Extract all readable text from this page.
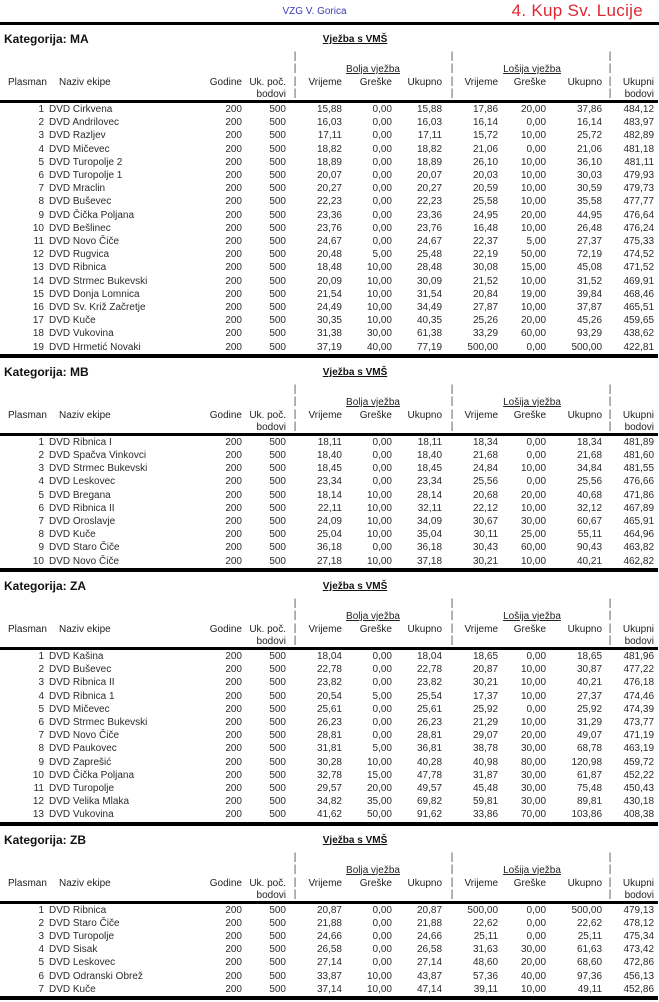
VZG V. Gorica	4. Kup Sv. Lucije
Kategorija: MA	Vježba s VMŠ
				|
|	Bolja vježba			|
|	Lošija vježba			|
|	
Plasman	Naziv ekipe	Godine	Uk. poč.	|	Vrijeme	Greške	Ukupno	|	Vrijeme	Greške	Ukupno	|	Ukupni
			bodovi	|				|				|	bodovi
1	DVD Cirkvena	200	500		15,88	0,00	15,88		17,86	20,00	37,86		484,12
2	DVD Andrilovec	200	500		16,03	0,00	16,03		16,14	0,00	16,14		483,97
3	DVD Razljev	200	500		17,11	0,00	17,11		15,72	10,00	25,72		482,89
4	DVD Mičevec	200	500		18,82	0,00	18,82		21,06	0,00	21,06		481,18
5	DVD Turopolje 2	200	500		18,89	0,00	18,89		26,10	10,00	36,10		481,11
6	DVD Turopolje 1	200	500		20,07	0,00	20,07		20,03	10,00	30,03		479,93
7	DVD Mraclin	200	500		20,27	0,00	20,27		20,59	10,00	30,59		479,73
8	DVD Buševec	200	500		22,23	0,00	22,23		25,58	10,00	35,58		477,77
9	DVD Čička Poljana	200	500		23,36	0,00	23,36		24,95	20,00	44,95		476,64
10	DVD Bešlinec	200	500		23,76	0,00	23,76		16,48	10,00	26,48		476,24
11	DVD Novo Čiče	200	500		24,67	0,00	24,67		22,37	5,00	27,37		475,33
12	DVD Rugvica	200	500		20,48	5,00	25,48		22,19	50,00	72,19		474,52
13	DVD Ribnica	200	500		18,48	10,00	28,48		30,08	15,00	45,08		471,52
14	DVD Strmec Bukevski	200	500		20,09	10,00	30,09		21,52	10,00	31,52		469,91
15	DVD Donja Lomnica	200	500		21,54	10,00	31,54		20,84	19,00	39,84		468,46
16	DVD Sv. Križ Začretje	200	500		24,49	10,00	34,49		27,87	10,00	37,87		465,51
17	DVD Kuče	200	500		30,35	10,00	40,35		25,26	20,00	45,26		459,65
18	DVD Vukovina	200	500		31,38	30,00	61,38		33,29	60,00	93,29		438,62
19	DVD Hrmetić Novaki	200	500		37,19	40,00	77,19		500,00	0,00	500,00		422,81
Kategorija: MB	Vježba s VMŠ
				|
|	Bolja vježba			|
|	Lošija vježba			|
|	
Plasman	Naziv ekipe	Godine	Uk. poč.	|	Vrijeme	Greške	Ukupno	|	Vrijeme	Greške	Ukupno	|	Ukupni
			bodovi	|				|				|	bodovi
1	DVD Ribnica I	200	500		18,11	0,00	18,11		18,34	0,00	18,34		481,89
2	DVD Spačva Vinkovci	200	500		18,40	0,00	18,40		21,68	0,00	21,68		481,60
3	DVD Strmec Bukevski	200	500		18,45	0,00	18,45		24,84	10,00	34,84		481,55
4	DVD Leskovec	200	500		23,34	0,00	23,34		25,56	0,00	25,56		476,66
5	DVD Bregana	200	500		18,14	10,00	28,14		20,68	20,00	40,68		471,86
6	DVD Ribnica II	200	500		22,11	10,00	32,11		22,12	10,00	32,12		467,89
7	DVD Oroslavje	200	500		24,09	10,00	34,09		30,67	30,00	60,67		465,91
8	DVD Kuče	200	500		25,04	10,00	35,04		30,11	25,00	55,11		464,96
9	DVD Staro Čiče	200	500		36,18	0,00	36,18		30,43	60,00	90,43		463,82
10	DVD Novo Čiče	200	500		27,18	10,00	37,18		30,21	10,00	40,21		462,82
Kategorija: ZA	Vježba s VMŠ
				|
|	Bolja vježba			|
|	Lošija vježba			|
|	
Plasman	Naziv ekipe	Godine	Uk. poč.	|	Vrijeme	Greške	Ukupno	|	Vrijeme	Greške	Ukupno	|	Ukupni
			bodovi	|				|				|	bodovi
1	DVD Kašina	200	500		18,04	0,00	18,04		18,65	0,00	18,65		481,96
2	DVD Buševec	200	500		22,78	0,00	22,78		20,87	10,00	30,87		477,22
3	DVD Ribnica II	200	500		23,82	0,00	23,82		30,21	10,00	40,21		476,18
4	DVD Ribnica 1	200	500		20,54	5,00	25,54		17,37	10,00	27,37		474,46
5	DVD Mičevec	200	500		25,61	0,00	25,61		25,92	0,00	25,92		474,39
6	DVD Strmec Bukevski	200	500		26,23	0,00	26,23		21,29	10,00	31,29		473,77
7	DVD Novo Čiče	200	500		28,81	0,00	28,81		29,07	20,00	49,07		471,19
8	DVD Paukovec	200	500		31,81	5,00	36,81		38,78	30,00	68,78		463,19
9	DVD Zaprešić	200	500		30,28	10,00	40,28		40,98	80,00	120,98		459,72
10	DVD Čička Poljana	200	500		32,78	15,00	47,78		31,87	30,00	61,87		452,22
11	DVD Turopolje	200	500		29,57	20,00	49,57		45,48	30,00	75,48		450,43
12	DVD Velika Mlaka	200	500		34,82	35,00	69,82		59,81	30,00	89,81		430,18
13	DVD Vukovina	200	500		41,62	50,00	91,62		33,86	70,00	103,86		408,38
Kategorija: ZB	Vježba s VMŠ
				|
|	Bolja vježba			|
|	Lošija vježba			|
|	
Plasman	Naziv ekipe	Godine	Uk. poč.	|	Vrijeme	Greške	Ukupno	|	Vrijeme	Greške	Ukupno	|	Ukupni
			bodovi	|				|				|	bodovi
1	DVD Ribnica	200	500		20,87	0,00	20,87		500,00	0,00	500,00		479,13
2	DVD Staro Čiče	200	500		21,88	0,00	21,88		22,62	0,00	22,62		478,12
3	DVD Turopolje	200	500		24,66	0,00	24,66		25,11	0,00	25,11		475,34
4	DVD Sisak	200	500		26,58	0,00	26,58		31,63	30,00	61,63		473,42
5	DVD Leskovec	200	500		27,14	0,00	27,14		48,60	20,00	68,60		472,86
6	DVD Odranski Obrež	200	500		33,87	10,00	43,87		57,36	40,00	97,36		456,13
7	DVD Kuče	200	500		37,14	10,00	47,14		39,11	10,00	49,11		452,86
